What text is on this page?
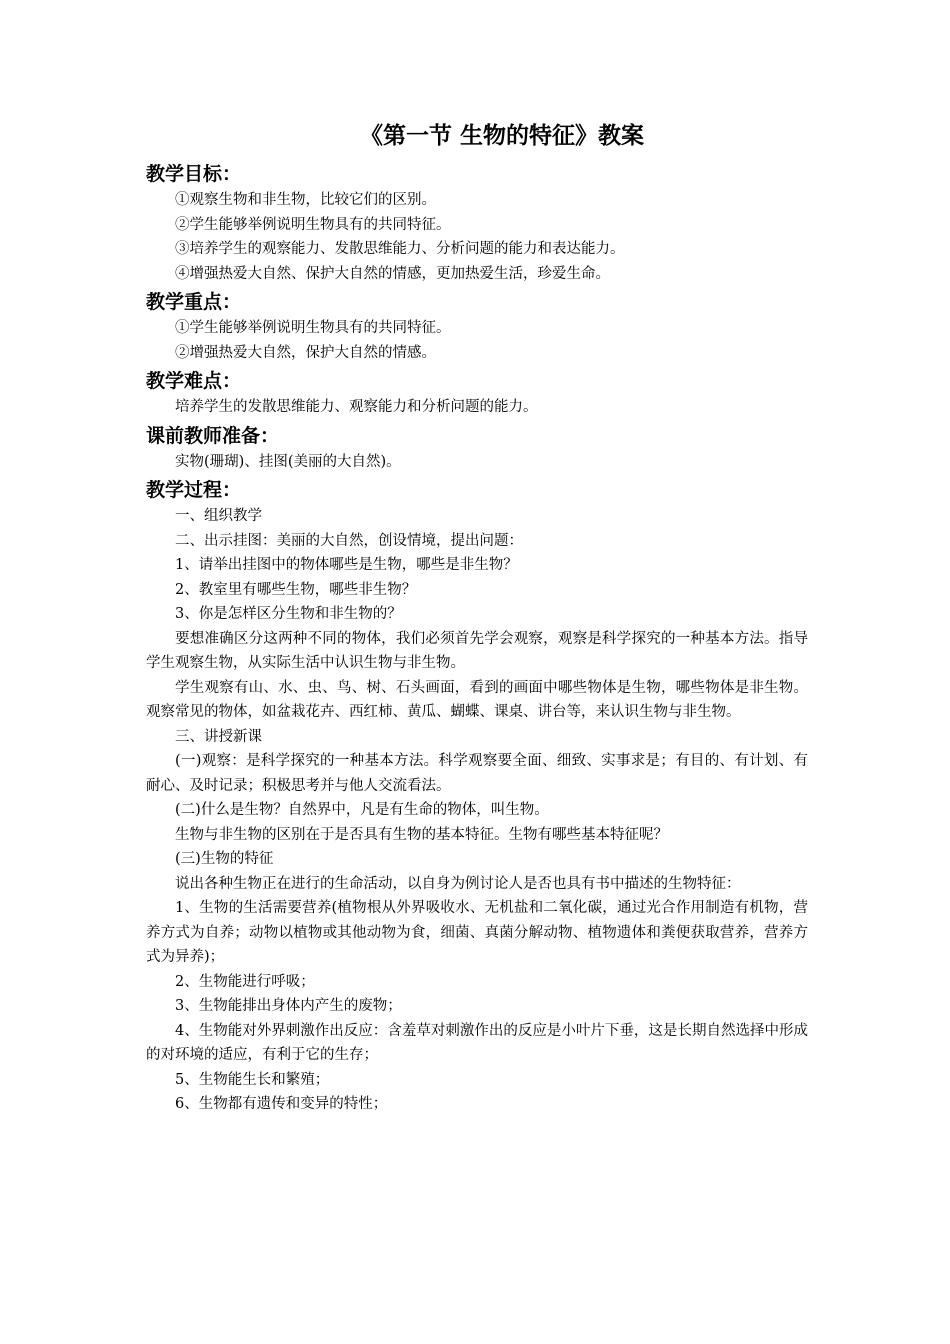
《第一节 生物的特征》教案
教学目标：

①观察生物和非生物，比较它们的区别。

②学生能够举例说明生物具有的共同特征。

③培养学生的观察能力、发散思维能力、分析问题的能力和表达能力。

④增强热爱大自然、保护大自然的情感，更加热爱生活，珍爱生命。

教学重点：

①学生能够举例说明生物具有的共同特征。

②增强热爱大自然，保护大自然的情感。

教学难点：

培养学生的发散思维能力、观察能力和分析问题的能力。

课前教师准备：

实物(珊瑚)、挂图(美丽的大自然)。

教学过程：

一、组织教学

二、出示挂图：美丽的大自然，创设情境，提出问题：

1、请举出挂图中的物体哪些是生物，哪些是非生物？

2、教室里有哪些生物，哪些非生物？

3、你是怎样区分生物和非生物的？

要想准确区分这两种不同的物体，我们必须首先学会观察，观察是科学探究的一种基本方法。指导学生观察生物，从实际生活中认识生物与非生物。

学生观察有山、水、虫、鸟、树、石头画面，看到的画面中哪些物体是生物，哪些物体是非生物。观察常见的物体，如盆栽花卉、西红柿、黄瓜、蝴蝶、课桌、讲台等，来认识生物与非生物。

三、讲授新课

(一)观察：是科学探究的一种基本方法。科学观察要全面、细致、实事求是；有目的、有计划、有耐心、及时记录；积极思考并与他人交流看法。

(二)什么是生物？自然界中，凡是有生命的物体，叫生物。

生物与非生物的区别在于是否具有生物的基本特征。生物有哪些基本特征呢？

(三)生物的特征

说出各种生物正在进行的生命活动，以自身为例讨论人是否也具有书中描述的生物特征：

1、生物的生活需要营养(植物根从外界吸收水、无机盐和二氧化碳，通过光合作用制造有机物，营养方式为自养；动物以植物或其他动物为食，细菌、真菌分解动物、植物遗体和粪便获取营养，营养方式为异养)；

2、生物能进行呼吸；

3、生物能排出身体内产生的废物；

4、生物能对外界刺激作出反应：含羞草对刺激作出的反应是小叶片下垂，这是长期自然选择中形成的对环境的适应，有利于它的生存；

5、生物能生长和繁殖；

6、生物都有遗传和变异的特性；
